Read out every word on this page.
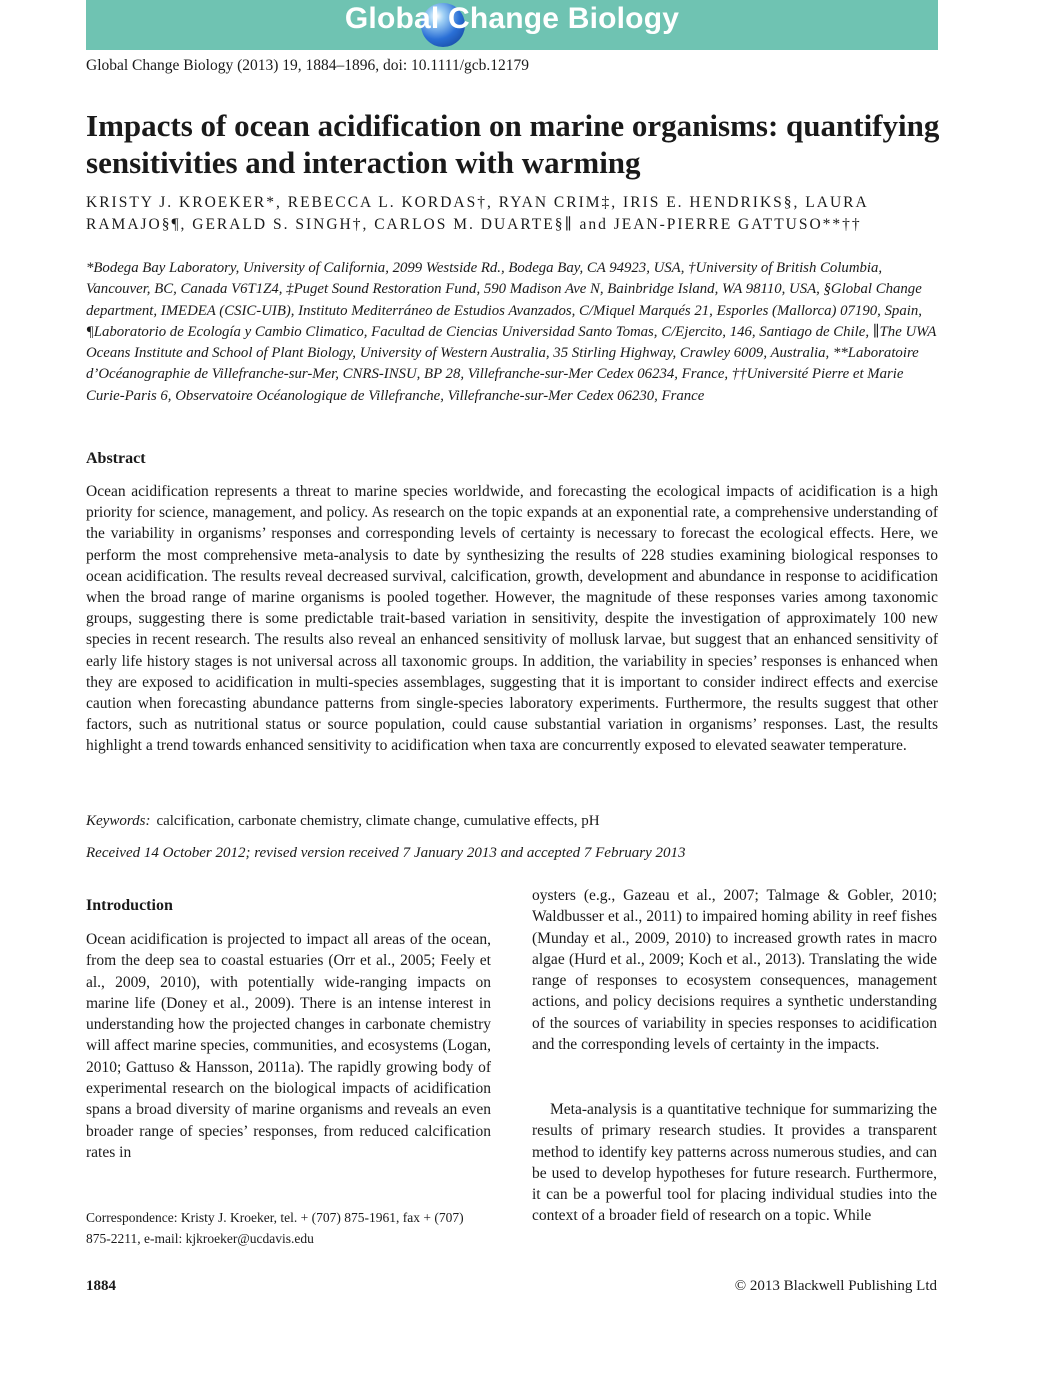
Global Change Biology
Global Change Biology (2013) 19, 1884–1896, doi: 10.1111/gcb.12179
Impacts of ocean acidification on marine organisms: quantifying sensitivities and interaction with warming
KRISTY J. KROEKER*, REBECCA L. KORDAS†, RYAN CRIM‡, IRIS E. HENDRIKS§, LAURA RAMAJO§¶, GERALD S. SINGH†, CARLOS M. DUARTE§∥ and JEAN-PIERRE GATTUSO**††
*Bodega Bay Laboratory, University of California, 2099 Westside Rd., Bodega Bay, CA 94923, USA, †University of British Columbia, Vancouver, BC, Canada V6T1Z4, ‡Puget Sound Restoration Fund, 590 Madison Ave N, Bainbridge Island, WA 98110, USA, §Global Change department, IMEDEA (CSIC-UIB), Instituto Mediterráneo de Estudios Avanzados, C/Miquel Marqués 21, Esporles (Mallorca) 07190, Spain, ¶Laboratorio de Ecología y Cambio Climatico, Facultad de Ciencias Universidad Santo Tomas, C/Ejercito, 146, Santiago de Chile, ∥The UWA Oceans Institute and School of Plant Biology, University of Western Australia, 35 Stirling Highway, Crawley 6009, Australia, **Laboratoire d’Océanographie de Villefranche-sur-Mer, CNRS-INSU, BP 28, Villefranche-sur-Mer Cedex 06234, France, ††Université Pierre et Marie Curie-Paris 6, Observatoire Océanologique de Villefranche, Villefranche-sur-Mer Cedex 06230, France
Abstract

Ocean acidification represents a threat to marine species worldwide, and forecasting the ecological impacts of acidification is a high priority for science, management, and policy. As research on the topic expands at an exponential rate, a comprehensive understanding of the variability in organisms’ responses and corresponding levels of certainty is necessary to forecast the ecological effects. Here, we perform the most comprehensive meta-analysis to date by synthesizing the results of 228 studies examining biological responses to ocean acidification. The results reveal decreased survival, calcification, growth, development and abundance in response to acidification when the broad range of marine organisms is pooled together. However, the magnitude of these responses varies among taxonomic groups, suggesting there is some predictable trait-based variation in sensitivity, despite the investigation of approximately 100 new species in recent research. The results also reveal an enhanced sensitivity of mollusk larvae, but suggest that an enhanced sensitivity of early life history stages is not universal across all taxonomic groups. In addition, the variability in species’ responses is enhanced when they are exposed to acidification in multi-species assemblages, suggesting that it is important to consider indirect effects and exercise caution when forecasting abundance patterns from single-species laboratory experiments. Furthermore, the results suggest that other factors, such as nutritional status or source population, could cause substantial variation in organisms’ responses. Last, the results highlight a trend towards enhanced sensitivity to acidification when taxa are concurrently exposed to elevated seawater temperature.

Keywords: calcification, carbonate chemistry, climate change, cumulative effects, pH
Received 14 October 2012; revised version received 7 January 2013 and accepted 7 February 2013
Introduction

Ocean acidification is projected to impact all areas of the ocean, from the deep sea to coastal estuaries (Orr et al., 2005; Feely et al., 2009, 2010), with potentially wide-ranging impacts on marine life (Doney et al., 2009). There is an intense interest in understanding how the projected changes in carbonate chemistry will affect marine species, communities, and ecosystems (Logan, 2010; Gattuso & Hansson, 2011a). The rapidly growing body of experimental research on the biological impacts of acidification spans a broad diversity of marine organisms and reveals an even broader range of species’ responses, from reduced calcification rates in

oysters (e.g., Gazeau et al., 2007; Talmage & Gobler, 2010; Waldbusser et al., 2011) to impaired homing ability in reef fishes (Munday et al., 2009, 2010) to increased growth rates in macro algae (Hurd et al., 2009; Koch et al., 2013). Translating the wide range of responses to ecosystem consequences, management actions, and policy decisions requires a synthetic understanding of the sources of variability in species responses to acidification and the corresponding levels of certainty in the impacts.

Meta-analysis is a quantitative technique for summarizing the results of primary research studies. It provides a transparent method to identify key patterns across numerous studies, and can be used to develop hypotheses for future research. Furthermore, it can be a powerful tool for placing individual studies into the context of a broader field of research on a topic. While

Correspondence: Kristy J. Kroeker, tel. + (707) 875-1961, fax + (707) 875-2211, e-mail: kjkroeker@ucdavis.edu
1884	© 2013 Blackwell Publishing Ltd
